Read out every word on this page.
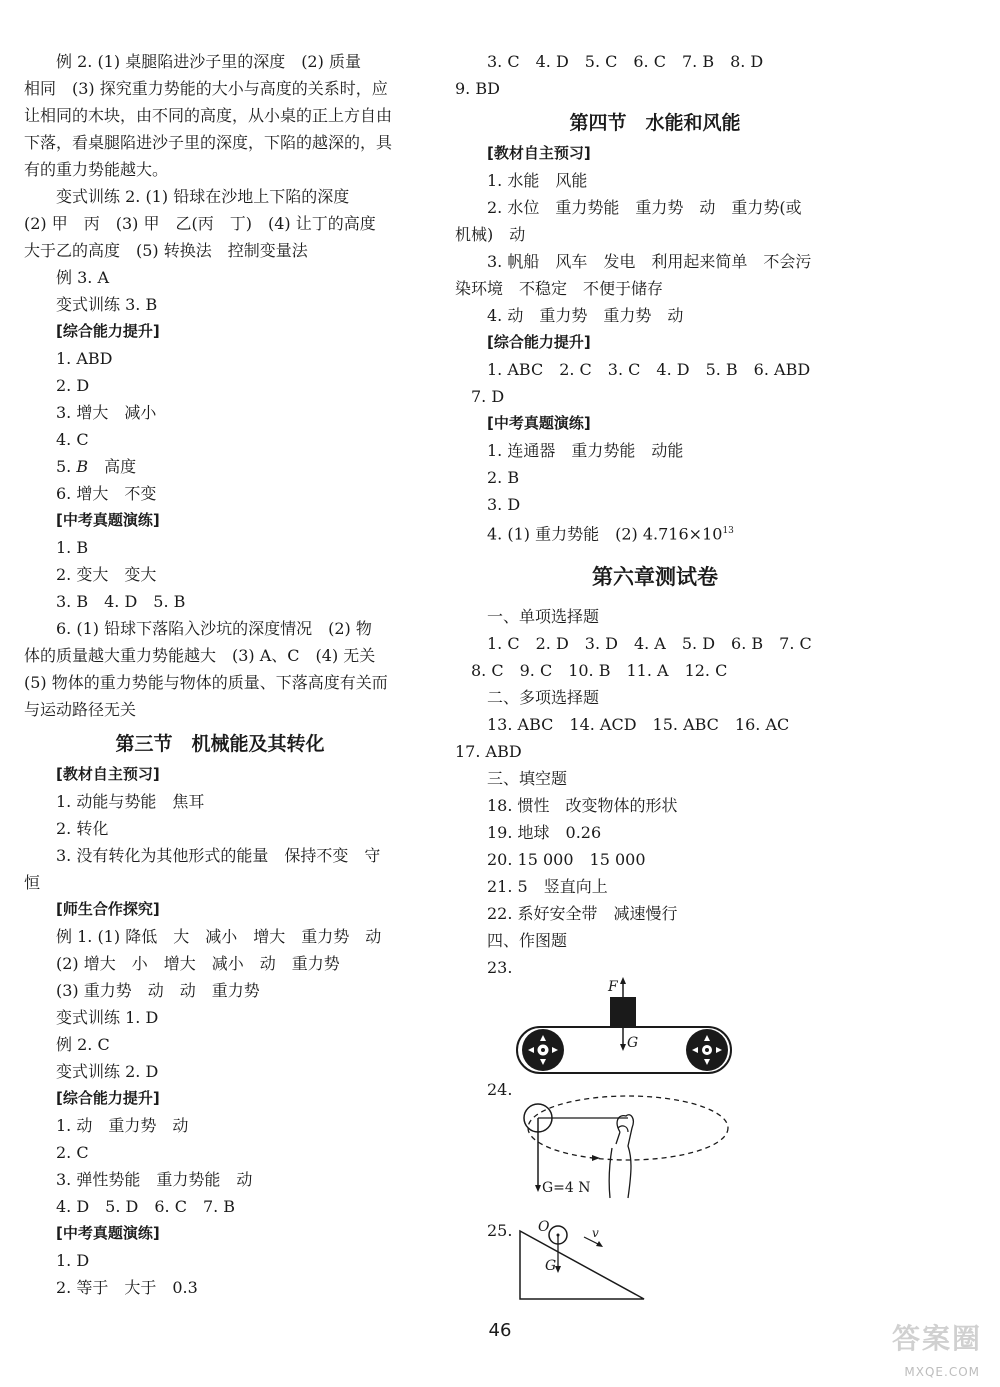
例 2. (1) 桌腿陷进沙子里的深度　(2) 质量
相同　(3) 探究重力势能的大小与高度的关系时，应
让相同的木块，由不同的高度，从小桌的正上方自由
下落，看桌腿陷进沙子里的深度，下陷的越深的，具
有的重力势能越大。
变式训练 2. (1) 铅球在沙地上下陷的深度
(2) 甲　丙　(3) 甲　乙(丙　丁)　(4) 让丁的高度
大于乙的高度　(5) 转换法　控制变量法
例 3. A
变式训练 3. B
[综合能力提升]
1. ABD
2. D
3. 增大　减小
4. C
5. B　高度
6. 增大　不变
[中考真题演练]
1. B
2. 变大　变大
3. B　4. D　5. B
6. (1) 铅球下落陷入沙坑的深度情况　(2) 物
体的质量越大重力势能越大　(3) A、C　(4) 无关
(5) 物体的重力势能与物体的质量、下落高度有关而
与运动路径无关
第三节　机械能及其转化
[教材自主预习]
1. 动能与势能　焦耳
2. 转化
3. 没有转化为其他形式的能量　保持不变　守
恒
[师生合作探究]
例 1. (1) 降低　大　减小　增大　重力势　动
(2) 增大　小　增大　减小　动　重力势
(3) 重力势　动　动　重力势
变式训练 1. D
例 2. C
变式训练 2. D
[综合能力提升]
1. 动　重力势　动
2. C
3. 弹性势能　重力势能　动
4. D　5. D　6. C　7. B
[中考真题演练]
1. D
2. 等于　大于　0.3
3. C　4. D　5. C　6. C　7. B　8. D
9. BD
第四节　水能和风能
[教材自主预习]
1. 水能　风能
2. 水位　重力势能　重力势　动　重力势(或
机械)　动
3. 帆船　风车　发电　利用起来简单　不会污
染环境　不稳定　不便于储存
4. 动　重力势　重力势　动
[综合能力提升]
1. ABC　2. C　3. C　4. D　5. B　6. ABD
7. D
[中考真题演练]
1. 连通器　重力势能　动能
2. B
3. D
4. (1) 重力势能　(2) $4.716\times 10^{13}$
第六章测试卷
一、单项选择题
1. C　2. D　3. D　4. A　5. D　6. B　7. C
8. C　9. C　10. B　11. A　12. C
二、多项选择题
13. ABC　14. ACD　15. ABC　16. AC
17. ABD
三、填空题
18. 惯性　改变物体的形状
19. 地球　0.26
20. 15 000　15 000
21. 5　竖直向上
22. 系好安全带　减速慢行
四、作图题
23.
F
G
24.
G=4 N
25. O	v
G
46	答案圈
MXQE.COM
